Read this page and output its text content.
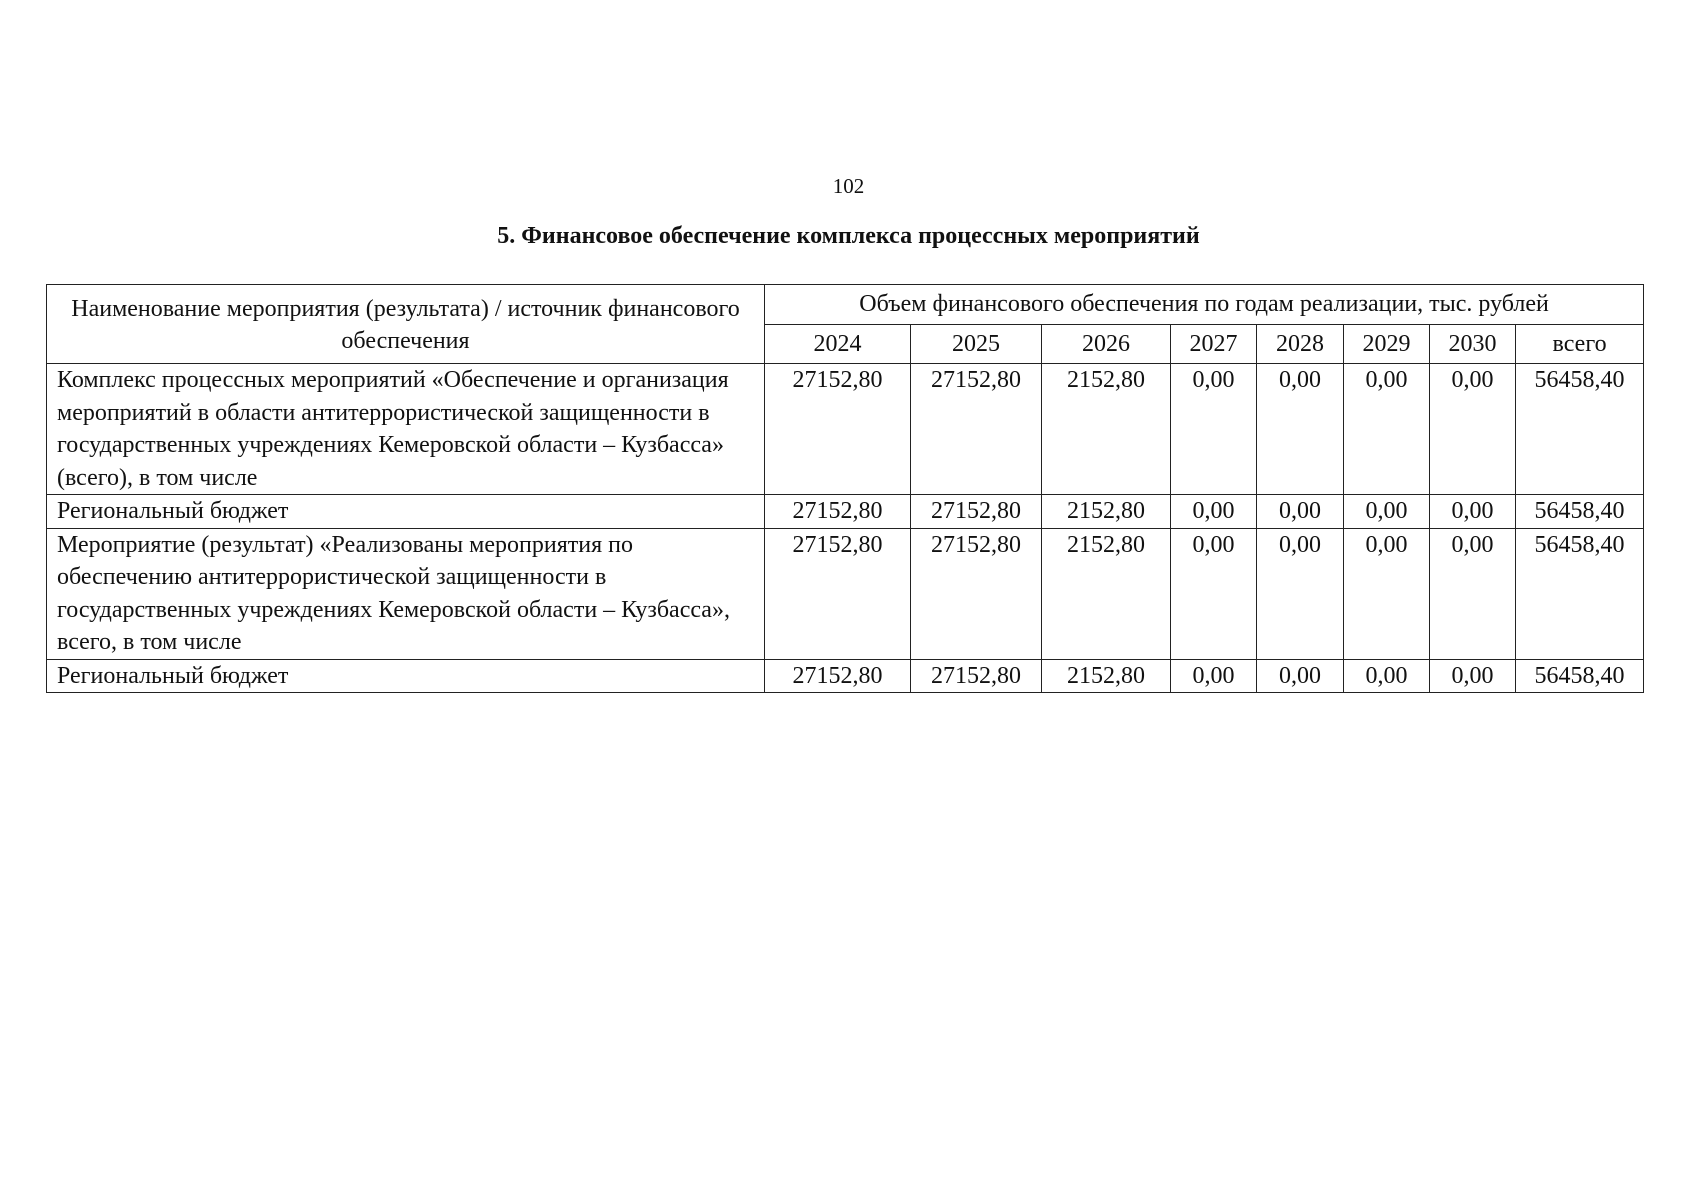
102
5. Финансовое обеспечение комплекса процессных мероприятий
Наименование мероприятия (результата) / источник финансового обеспечения	Объем финансового обеспечения по годам реализации, тыс. рублей							
	2024	2025	2026	2027	2028	2029	2030	всего
Комплекс процессных мероприятий «Обеспечение и организация мероприятий в области антитеррористической защищенности в государственных учреждениях Кемеровской области – Кузбасса» (всего), в том числе	27152,80	27152,80	2152,80	0,00	0,00	0,00	0,00	56458,40
Региональный бюджет	27152,80	27152,80	2152,80	0,00	0,00	0,00	0,00	56458,40
Мероприятие (результат) «Реализованы мероприятия по обеспечению антитеррористической защищенности в государственных учреждениях Кемеровской области – Кузбасса», всего, в том числе	27152,80	27152,80	2152,80	0,00	0,00	0,00	0,00	56458,40
Региональный бюджет	27152,80	27152,80	2152,80	0,00	0,00	0,00	0,00	56458,40
